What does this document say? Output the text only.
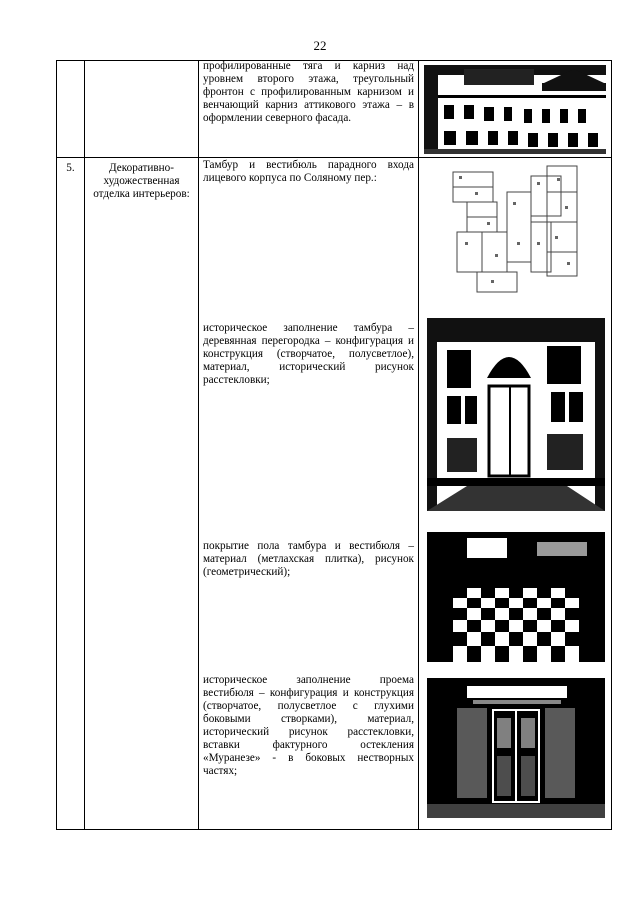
22

		профилированные тяга и карниз над уровнем второго этажа, треугольный фронтон с профилированным карнизом и венчающий карниз аттикового этажа – в оформлении северного фасада.

5.	Декоративно-художественная отделка интерьеров:	Тамбур и вестибюль парадного входа лицевого корпуса по Соляному пер.:
историческое заполнение тамбура – деревянная перегородка – конфигурация и конструкция (створчатое, полусветлое), материал, исторический рисунок расстекловки;
покрытие пола тамбура и вестибюля – материал (метлахская плитка), рисунок (геометрический);
историческое заполнение проема вестибюля – конфигурация и конструкция (створчатое, полусветлое с глухими боковыми створками), материал, исторический рисунок расстекловки, вставки фактурного остекления «Муранезе» - в боковых нестворных частях;
